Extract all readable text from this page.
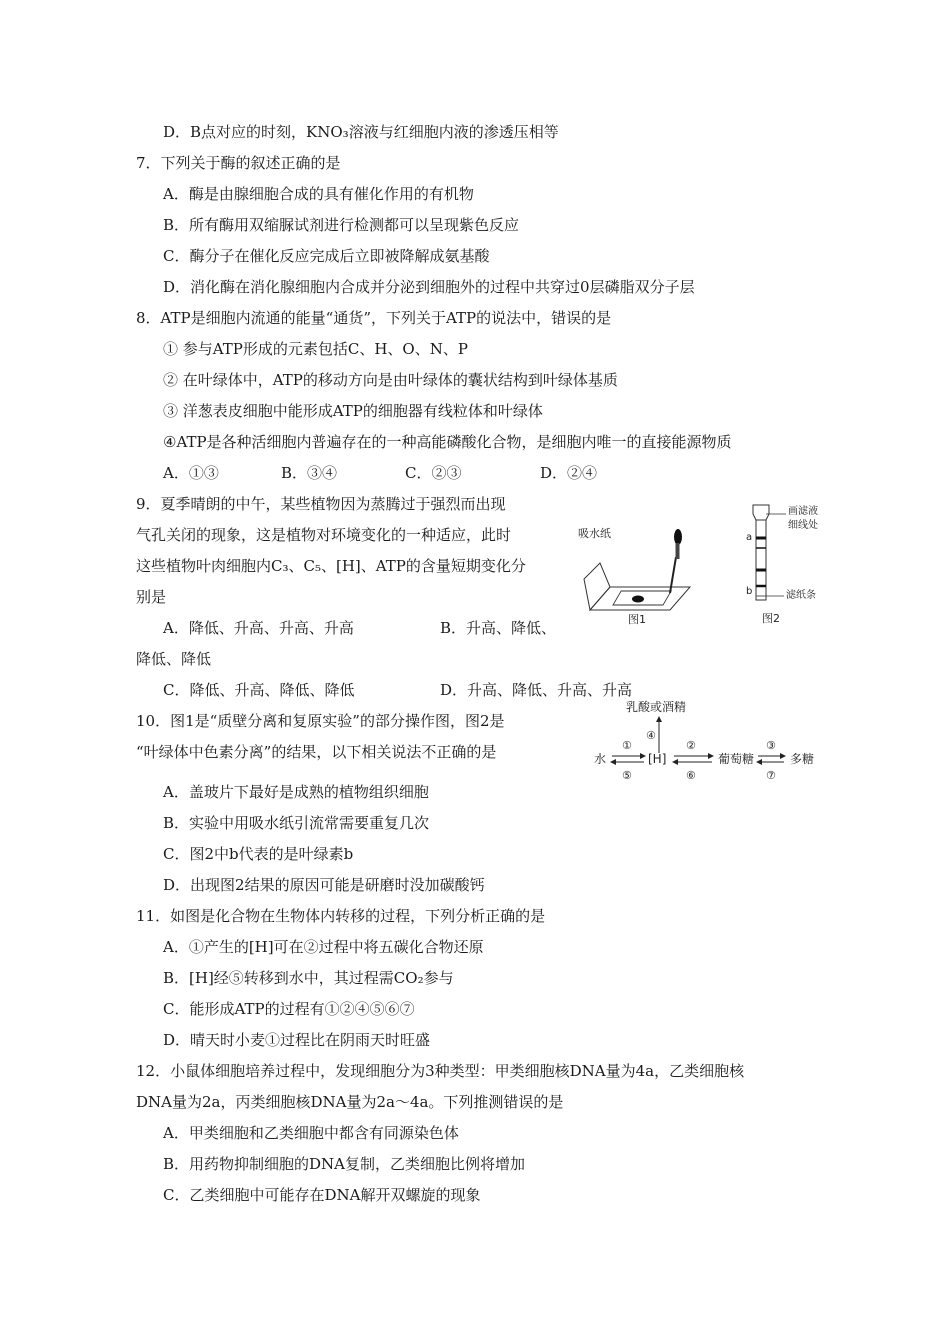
D．B点对应的时刻，KNO₃溶液与红细胞内液的渗透压相等
7．下列关于酶的叙述正确的是
A．酶是由腺细胞合成的具有催化作用的有机物
B．所有酶用双缩脲试剂进行检测都可以呈现紫色反应
C．酶分子在催化反应完成后立即被降解成氨基酸
D．消化酶在消化腺细胞内合成并分泌到细胞外的过程中共穿过0层磷脂双分子层
8．ATP是细胞内流通的能量“通货”，下列关于ATP的说法中，错误的是
① 参与ATP形成的元素包括C、H、O、N、P
② 在叶绿体中，ATP的移动方向是由叶绿体的囊状结构到叶绿体基质
③ 洋葱表皮细胞中能形成ATP的细胞器有线粒体和叶绿体
④ATP是各种活细胞内普遍存在的一种高能磷酸化合物，是细胞内唯一的直接能源物质
A．①③	B．③④	C．②③	D．②④
9．夏季晴朗的中午，某些植物因为蒸腾过于强烈而出现
气孔关闭的现象，这是植物对环境变化的一种适应，此时
这些植物叶肉细胞内C₃、C₅、[H]、ATP的含量短期变化分
别是
A．降低、升高、升高、升高	B．升高、降低、
降低、降低
C．降低、升高、降低、降低	D．升高、降低、升高、升高
吸水纸
图1
a
b
画滤液
细线处
滤纸条
图2
10．图1是“质壁分离和复原实验”的部分操作图，图2是
“叶绿体中色素分离”的结果，以下相关说法不正确的是
A．盖玻片下最好是成熟的植物组织细胞
B．实验中用吸水纸引流常需要重复几次
C．图2中b代表的是叶绿素b
D．出现图2结果的原因可能是研磨时没加碳酸钙
乳酸或酒精
④
水	[H]	葡萄糖	多糖
①
⑤
②
⑥
③
⑦
11．如图是化合物在生物体内转移的过程，下列分析正确的是
A．①产生的[H]可在②过程中将五碳化合物还原
B．[H]经⑤转移到水中，其过程需CO₂参与
C．能形成ATP的过程有①②④⑤⑥⑦
D．晴天时小麦①过程比在阴雨天时旺盛
12．小鼠体细胞培养过程中，发现细胞分为3种类型：甲类细胞核DNA量为4a，乙类细胞核
DNA量为2a，丙类细胞核DNA量为2a～4a。下列推测错误的是
A．甲类细胞和乙类细胞中都含有同源染色体
B．用药物抑制细胞的DNA复制，乙类细胞比例将增加
C．乙类细胞中可能存在DNA解开双螺旋的现象
